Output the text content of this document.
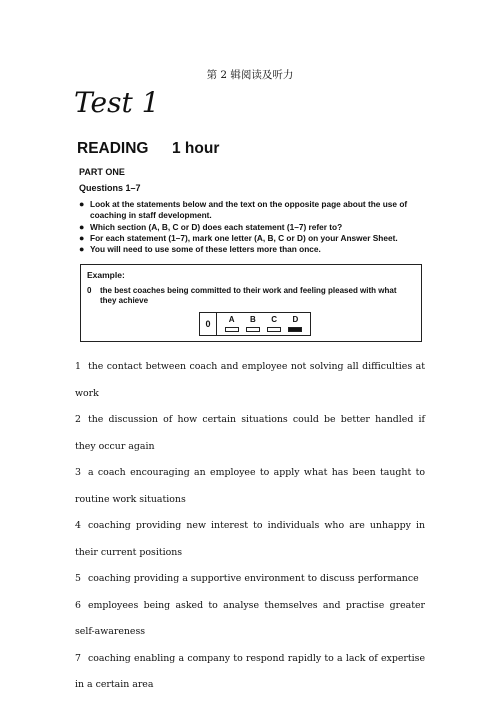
第 2 辑阅读及听力
Test 1
READING 1 hour
PART ONE
Questions 1–7
● Look at the statements below and the text on the opposite page about the use of coaching in staff development.
● Which section (A, B, C or D) does each statement (1–7) refer to?
● For each statement (1–7), mark one letter (A, B, C or D) on your Answer Sheet.
● You will need to use some of these letters more than once.
Example:
0 the best coaches being committed to their work and feeling pleased with what they achieve
0	A B C D
1 the contact between coach and employee not solving all difficulties at work
2 the discussion of how certain situations could be better handled if they occur again
3 a coach encouraging an employee to apply what has been taught to routine work situations
4 coaching providing new interest to individuals who are unhappy in their current positions
5 coaching providing a supportive environment to discuss performance
6 employees being asked to analyse themselves and practise greater self-awareness
7 coaching enabling a company to respond rapidly to a lack of expertise in a certain area
